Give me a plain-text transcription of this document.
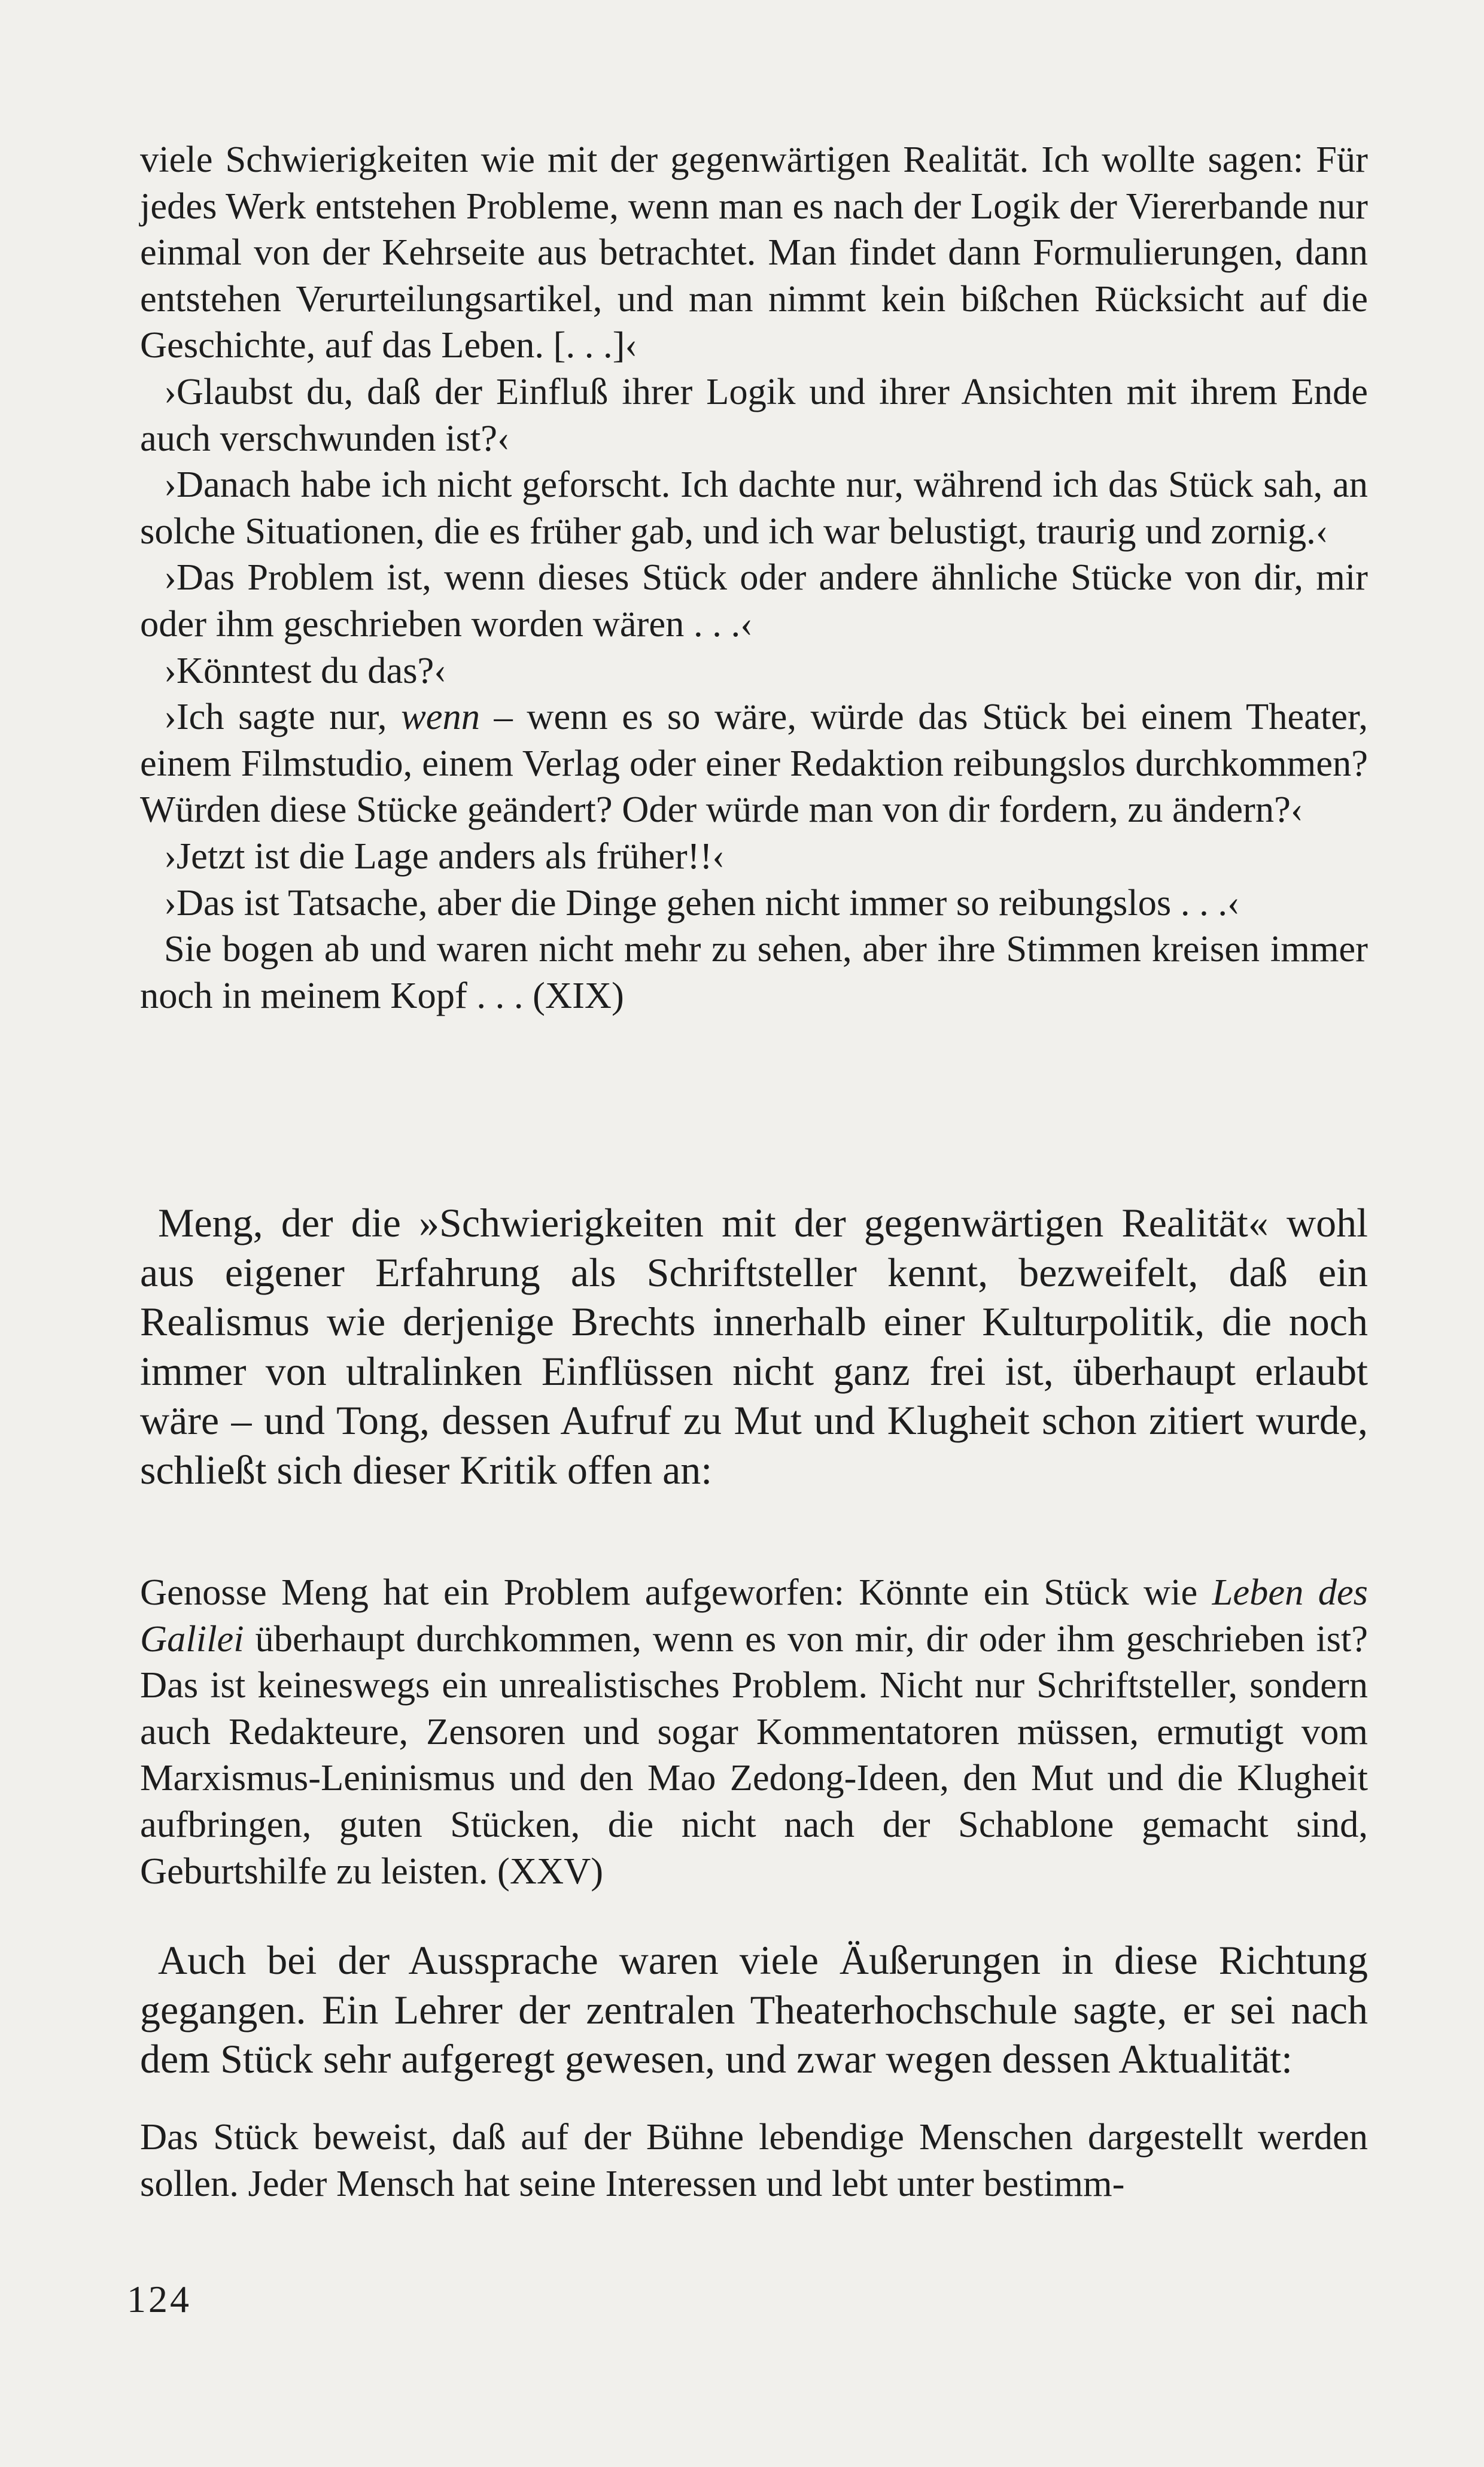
viele Schwierigkeiten wie mit der gegenwärtigen Realität. Ich wollte sagen: Für jedes Werk entstehen Probleme, wenn man es nach der Logik der Viererbande nur einmal von der Kehrseite aus betrachtet. Man findet dann Formulierungen, dann entstehen Verurteilungsartikel, und man nimmt kein bißchen Rücksicht auf die Geschichte, auf das Leben. [. . .]‹

›Glaubst du, daß der Einfluß ihrer Logik und ihrer Ansichten mit ihrem Ende auch verschwunden ist?‹

›Danach habe ich nicht geforscht. Ich dachte nur, während ich das Stück sah, an solche Situationen, die es früher gab, und ich war belustigt, traurig und zornig.‹

›Das Problem ist, wenn dieses Stück oder andere ähnliche Stücke von dir, mir oder ihm geschrieben worden wären . . .‹

›Könntest du das?‹

›Ich sagte nur, wenn – wenn es so wäre, würde das Stück bei einem Theater, einem Filmstudio, einem Verlag oder einer Redaktion reibungslos durchkommen? Würden diese Stücke geändert? Oder würde man von dir fordern, zu ändern?‹

›Jetzt ist die Lage anders als früher!!‹

›Das ist Tatsache, aber die Dinge gehen nicht immer so reibungslos . . .‹

Sie bogen ab und waren nicht mehr zu sehen, aber ihre Stimmen kreisen immer noch in meinem Kopf . . . (XIX)

Meng, der die »Schwierigkeiten mit der gegenwärtigen Realität« wohl aus eigener Erfahrung als Schriftsteller kennt, bezweifelt, daß ein Realismus wie derjenige Brechts innerhalb einer Kulturpolitik, die noch immer von ultralinken Einflüssen nicht ganz frei ist, überhaupt erlaubt wäre – und Tong, dessen Aufruf zu Mut und Klugheit schon zitiert wurde, schließt sich dieser Kritik offen an:

Genosse Meng hat ein Problem aufgeworfen: Könnte ein Stück wie Leben des Galilei überhaupt durchkommen, wenn es von mir, dir oder ihm geschrieben ist? Das ist keineswegs ein unrealistisches Problem. Nicht nur Schriftsteller, sondern auch Redakteure, Zensoren und sogar Kommentatoren müssen, ermutigt vom Marxismus-Leninismus und den Mao Zedong-Ideen, den Mut und die Klugheit aufbringen, guten Stücken, die nicht nach der Schablone gemacht sind, Geburtshilfe zu leisten. (XXV)

Auch bei der Aussprache waren viele Äußerungen in diese Richtung gegangen. Ein Lehrer der zentralen Theaterhochschule sagte, er sei nach dem Stück sehr aufgeregt gewesen, und zwar wegen dessen Aktualität:

Das Stück beweist, daß auf der Bühne lebendige Menschen dargestellt werden sollen. Jeder Mensch hat seine Interessen und lebt unter bestimm-

124
